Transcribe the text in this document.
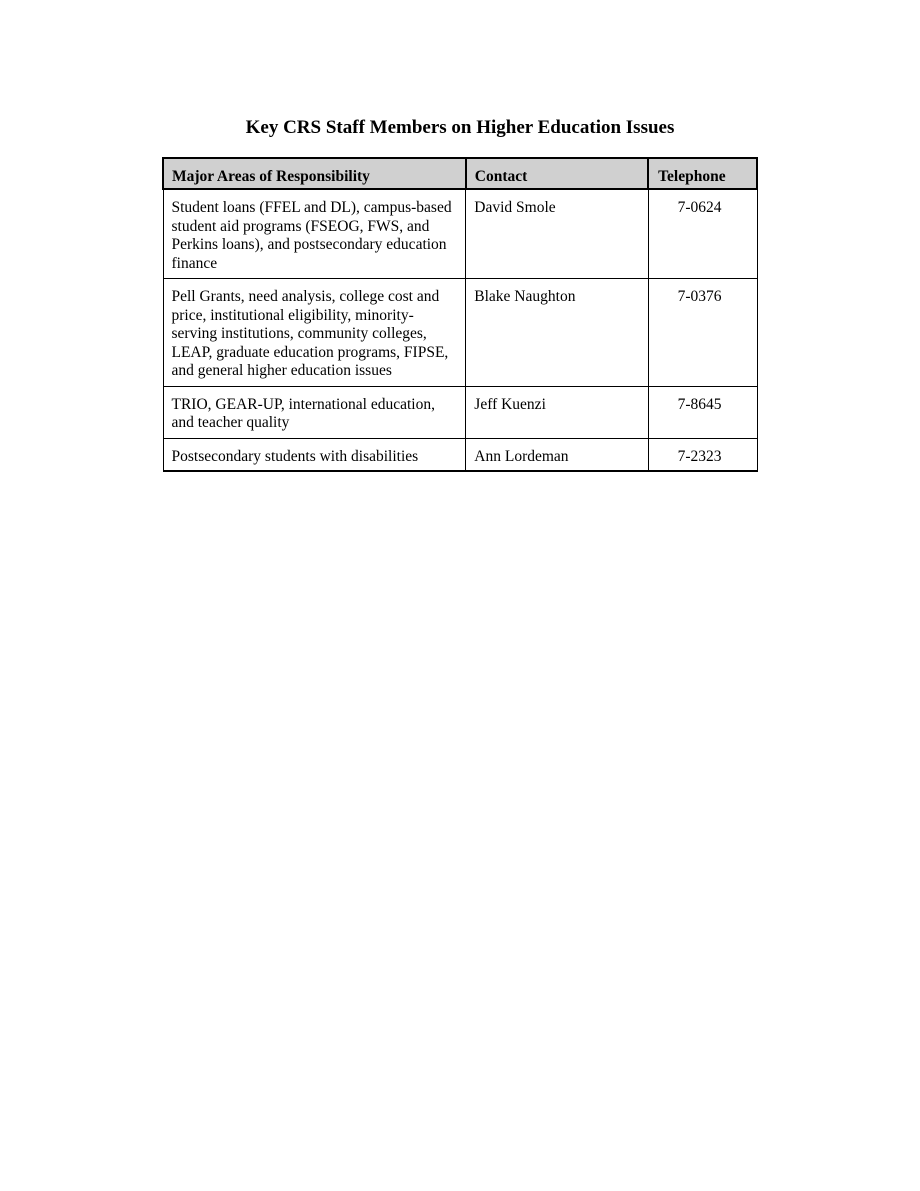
Key CRS Staff Members on Higher Education Issues
Major Areas of Responsibility	Contact	Telephone
Student loans (FFEL and DL), campus-based student aid programs (FSEOG, FWS, and Perkins loans), and postsecondary education finance	David Smole	7-0624
Pell Grants, need analysis, college cost and price, institutional eligibility, minority-serving institutions, community colleges, LEAP, graduate education programs, FIPSE, and general higher education issues	Blake Naughton	7-0376
TRIO, GEAR-UP, international education, and teacher quality	Jeff Kuenzi	7-8645
Postsecondary students with disabilities	Ann Lordeman	7-2323
